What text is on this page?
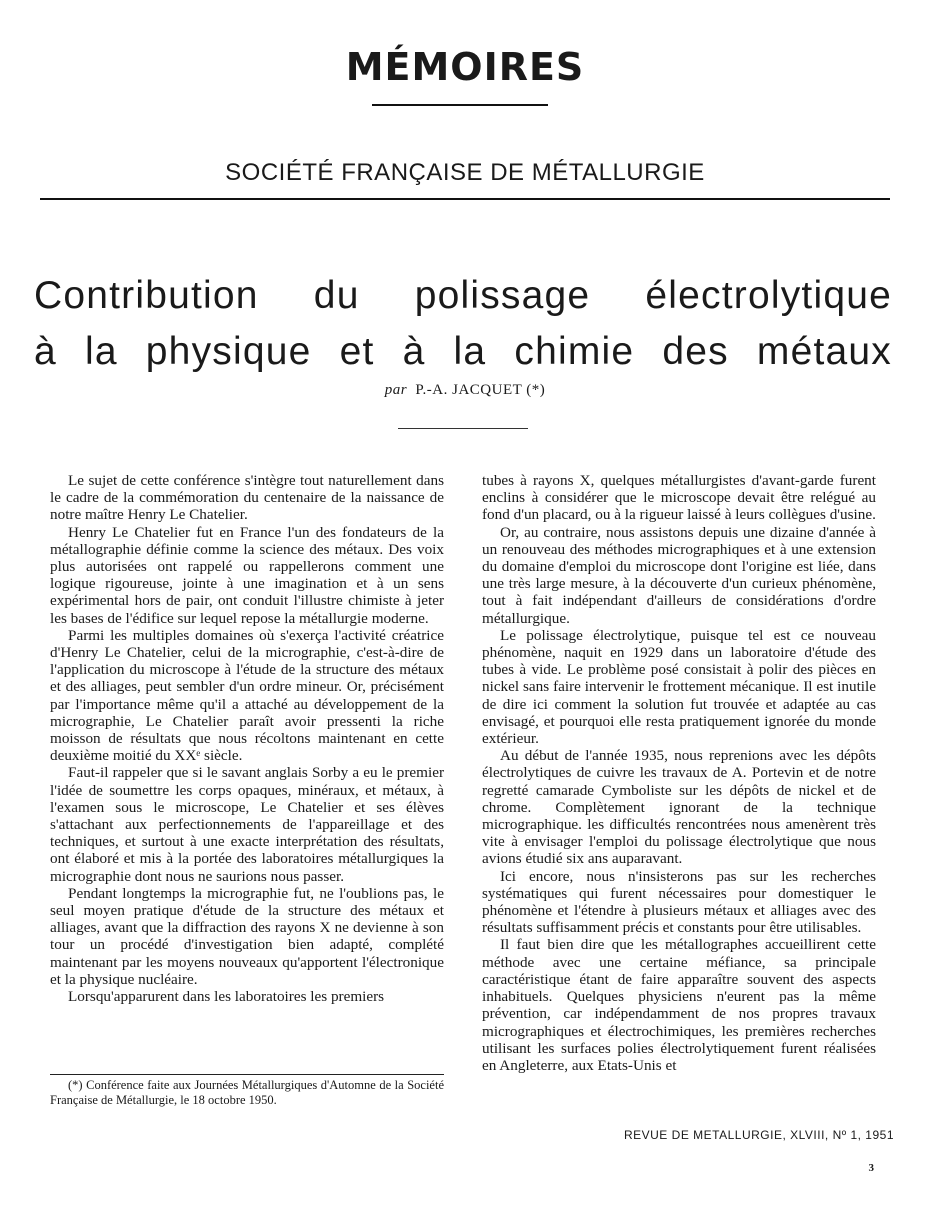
MÉMOIRES
SOCIÉTÉ FRANÇAISE DE MÉTALLURGIE
Contribution du polissage électrolytique
à la physique et à la chimie des métaux
par P.-A. JACQUET (*)

Le sujet de cette conférence s'intègre tout naturellement dans le cadre de la commémoration du centenaire de la naissance de notre maître Henry Le Chatelier.

Henry Le Chatelier fut en France l'un des fondateurs de la métallographie définie comme la science des métaux. Des voix plus autorisées ont rappelé ou rappellerons comment une logique rigoureuse, jointe à une imagination et à un sens expérimental hors de pair, ont conduit l'illustre chimiste à jeter les bases de l'édifice sur lequel repose la métallurgie moderne.

Parmi les multiples domaines où s'exerça l'activité créatrice d'Henry Le Chatelier, celui de la micrographie, c'est-à-dire de l'application du microscope à l'étude de la structure des métaux et des alliages, peut sembler d'un ordre mineur. Or, précisément par l'importance même qu'il a attaché au développement de la micrographie, Le Chatelier paraît avoir pressenti la riche moisson de résultats que nous récoltons maintenant en cette deuxième moitié du XXᵉ siècle.

Faut-il rappeler que si le savant anglais Sorby a eu le premier l'idée de soumettre les corps opaques, minéraux, et métaux, à l'examen sous le microscope, Le Chatelier et ses élèves s'attachant aux perfectionnements de l'appareillage et des techniques, et surtout à une exacte interprétation des résultats, ont élaboré et mis à la portée des laboratoires métallurgiques la micrographie dont nous ne saurions nous passer.

Pendant longtemps la micrographie fut, ne l'oublions pas, le seul moyen pratique d'étude de la structure des métaux et alliages, avant que la diffraction des rayons X ne devienne à son tour un procédé d'investigation bien adapté, complété maintenant par les moyens nouveaux qu'apportent l'électronique et la physique nucléaire.

Lorsqu'apparurent dans les laboratoires les premiers

(*) Conférence faite aux Journées Métallurgiques d'Automne de la Société Française de Métallurgie, le 18 octobre 1950.

tubes à rayons X, quelques métallurgistes d'avant-garde furent enclins à considérer que le microscope devait être relégué au fond d'un placard, ou à la rigueur laissé à leurs collègues d'usine.

Or, au contraire, nous assistons depuis une dizaine d'année à un renouveau des méthodes micrographiques et à une extension du domaine d'emploi du microscope dont l'origine est liée, dans une très large mesure, à la découverte d'un curieux phénomène, tout à fait indépendant d'ailleurs de considérations d'ordre métallurgique.

Le polissage électrolytique, puisque tel est ce nouveau phénomène, naquit en 1929 dans un laboratoire d'étude des tubes à vide. Le problème posé consistait à polir des pièces en nickel sans faire intervenir le frottement mécanique. Il est inutile de dire ici comment la solution fut trouvée et adaptée au cas envisagé, et pourquoi elle resta pratiquement ignorée du monde extérieur.

Au début de l'année 1935, nous reprenions avec les dépôts électrolytiques de cuivre les travaux de A. Portevin et de notre regretté camarade Cymboliste sur les dépôts de nickel et de chrome. Complètement ignorant de la technique micrographique. les difficultés rencontrées nous amenèrent très vite à envisager l'emploi du polissage électrolytique que nous avions étudié six ans auparavant.

Ici encore, nous n'insisterons pas sur les recherches systématiques qui furent nécessaires pour domestiquer le phénomène et l'étendre à plusieurs métaux et alliages avec des résultats suffisamment précis et constants pour être utilisables.

Il faut bien dire que les métallographes accueillirent cette méthode avec une certaine méfiance, sa principale caractéristique étant de faire apparaître souvent des aspects inhabituels. Quelques physiciens n'eurent pas la même prévention, car indépendamment de nos propres travaux micrographiques et électrochimiques, les premières recherches utilisant les surfaces polies électrolytiquement furent réalisées en Angleterre, aux Etats-Unis et

REVUE DE METALLURGIE, XLVIII, Nº 1, 1951
3
